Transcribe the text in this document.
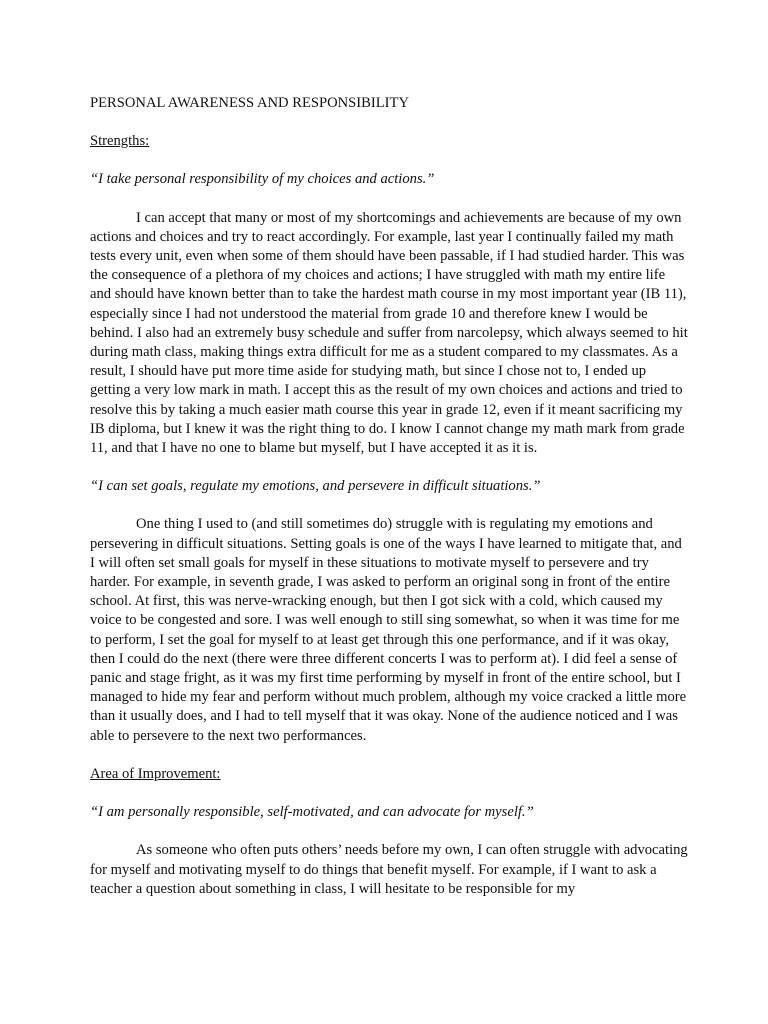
PERSONAL AWARENESS AND RESPONSIBILITY

Strengths:

“I take personal responsibility of my choices and actions.”

I can accept that many or most of my shortcomings and achievements are because of my own actions and choices and try to react accordingly. For example, last year I continually failed my math tests every unit, even when some of them should have been passable, if I had studied harder. This was the consequence of a plethora of my choices and actions; I have struggled with math my entire life and should have known better than to take the hardest math course in my most important year (IB 11), especially since I had not understood the material from grade 10 and therefore knew I would be behind. I also had an extremely busy schedule and suffer from narcolepsy, which always seemed to hit during math class, making things extra difficult for me as a student compared to my classmates. As a result, I should have put more time aside for studying math, but since I chose not to, I ended up getting a very low mark in math. I accept this as the result of my own choices and actions and tried to resolve this by taking a much easier math course this year in grade 12, even if it meant sacrificing my IB diploma, but I knew it was the right thing to do. I know I cannot change my math mark from grade 11, and that I have no one to blame but myself, but I have accepted it as it is.

“I can set goals, regulate my emotions, and persevere in difficult situations.”

One thing I used to (and still sometimes do) struggle with is regulating my emotions and persevering in difficult situations. Setting goals is one of the ways I have learned to mitigate that, and I will often set small goals for myself in these situations to motivate myself to persevere and try harder. For example, in seventh grade, I was asked to perform an original song in front of the entire school. At first, this was nerve-wracking enough, but then I got sick with a cold, which caused my voice to be congested and sore. I was well enough to still sing somewhat, so when it was time for me to perform, I set the goal for myself to at least get through this one performance, and if it was okay, then I could do the next (there were three different concerts I was to perform at). I did feel a sense of panic and stage fright, as it was my first time performing by myself in front of the entire school, but I managed to hide my fear and perform without much problem, although my voice cracked a little more than it usually does, and I had to tell myself that it was okay. None of the audience noticed and I was able to persevere to the next two performances.

Area of Improvement:

“I am personally responsible, self-motivated, and can advocate for myself.”

As someone who often puts others’ needs before my own, I can often struggle with advocating for myself and motivating myself to do things that benefit myself. For example, if I want to ask a teacher a question about something in class, I will hesitate to be responsible for my
